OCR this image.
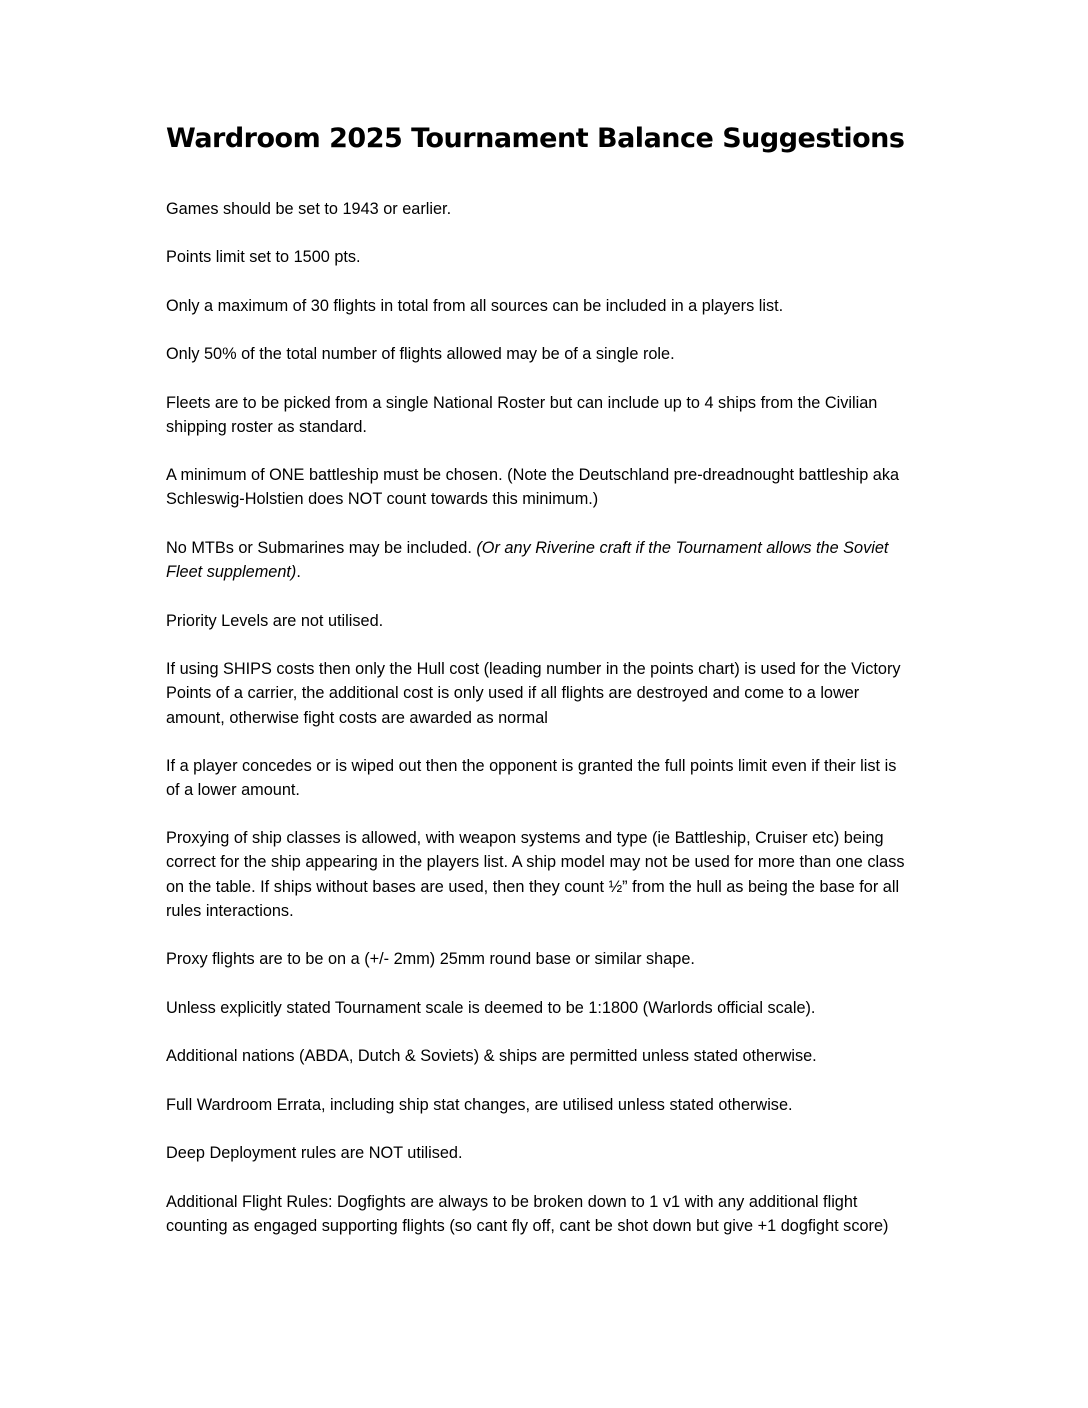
Wardroom 2025 Tournament Balance Suggestions

Games should be set to 1943 or earlier.

Points limit set to 1500 pts.

Only a maximum of 30 flights in total from all sources can be included in a players list.

Only 50% of the total number of flights allowed may be of a single role.

Fleets are to be picked from a single National Roster but can include up to 4 ships from the Civilian shipping roster as standard.

A minimum of ONE battleship must be chosen. (Note the Deutschland pre-dreadnought battleship aka Schleswig-Holstien does NOT count towards this minimum.)

No MTBs or Submarines may be included. (Or any Riverine craft if the Tournament allows the Soviet Fleet supplement).

Priority Levels are not utilised.

If using SHIPS costs then only the Hull cost (leading number in the points chart) is used for the Victory Points of a carrier, the additional cost is only used if all flights are destroyed and come to a lower amount, otherwise fight costs are awarded as normal

If a player concedes or is wiped out then the opponent is granted the full points limit even if their list is of a lower amount.

Proxying of ship classes is allowed, with weapon systems and type (ie Battleship, Cruiser etc) being correct for the ship appearing in the players list. A ship model may not be used for more than one class on the table. If ships without bases are used, then they count ½” from the hull as being the base for all rules interactions.

Proxy flights are to be on a (+/- 2mm) 25mm round base or similar shape.

Unless explicitly stated Tournament scale is deemed to be 1:1800 (Warlords official scale).

Additional nations (ABDA, Dutch & Soviets) & ships are permitted unless stated otherwise.

Full Wardroom Errata, including ship stat changes, are utilised unless stated otherwise.

Deep Deployment rules are NOT utilised.

Additional Flight Rules: Dogfights are always to be broken down to 1 v1 with any additional flight counting as engaged supporting flights (so cant fly off, cant be shot down but give +1 dogfight score)
